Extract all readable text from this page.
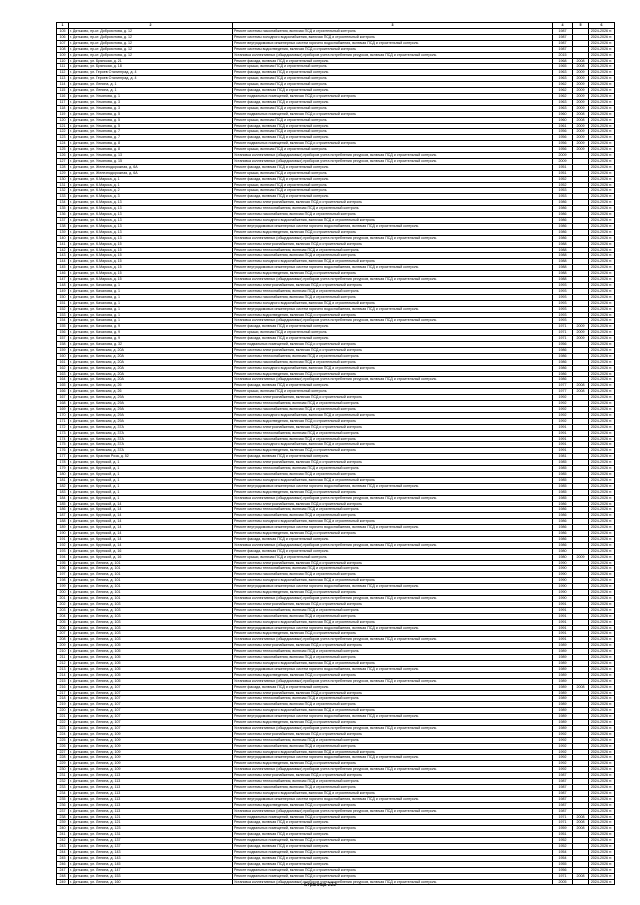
1	2	3	4	5	6
105	г. Дятьково, пр-кт. Доброхотова, д. 12	Ремонт системы газоснабжения, включая ПСД и строительный контроль	1987		2024-2026 гг.
106	г. Дятьково, пр-кт. Доброхотова, д. 12	Ремонт системы холодного водоснабжения, включая ПСД и строительный контроль	1987		2024-2026 гг.
107	г. Дятьково, пр-кт. Доброхотова, д. 12	Ремонт внутридомовых инженерных систем горячего водоснабжения, включая ПСД и строительный контроль	1987		2024-2026 гг.
108	г. Дятьково, пр-кт. Доброхотова, д. 12	Ремонт системы водоотведения, включая ПСД и строительный контроль	1987		2024-2026 гг.
109	г. Дятьково, пр-кт. Доброхотова, д. 12	Установка коллективных (общедомовых) приборов учета потребления ресурсов, включая ПСД и строительный контроль	2015		2024-2026 гг.
110	г. Дятьково, ул. Брянская, д. 21	Ремонт фасада, включая ПСД и строительный контроль	1968	2008	2024-2026 гг.
111	г. Дятьково, ул. Брянская, д. 18	Ремонт крыши, включая ПСД и строительный контроль	1965	2008	2024-2026 гг.
112	г. Дятьково, ул. Героев Сталинград, д. 4	Ремонт фасада, включая ПСД и строительный контроль	1963	2009	2024-2026 гг.
113	г. Дятьково, ул. Героев Сталинград, д. 4	Ремонт крыши, включая ПСД и строительный контроль	1963	2009	2024-2026 гг.
114	г. Дятьково, ул. Ленина, д. 1	Ремонт крыши, включая ПСД и строительный контроль	1962	2009	2024-2026 гг.
115	г. Дятьково, ул. Ленина, д. 1	Ремонт фасада, включая ПСД и строительный контроль	1962	2009	2024-2026 гг.
116	г. Дятьково, ул. Ульянова, д. 1	Ремонт подвальных помещений, включая ПСД и строительный контроль	1962	2009	2024-2026 гг.
117	г. Дятьково, ул. Ульянова, д. 3	Ремонт фасада, включая ПСД и строительный контроль	1963	2009	2024-2026 гг.
118	г. Дятьково, ул. Ульянова, д. 3	Ремонт крыши, включая ПСД и строительный контроль	1963	2009	2024-2026 гг.
119	г. Дятьково, ул. Ульянова, д. 5	Ремонт подвальных помещений, включая ПСД и строительный контроль	1960	2008	2024-2026 гг.
120	г. Дятьково, ул. Ульянова, д. 5	Ремонт крыши, включая ПСД и строительный контроль	1960	2008	2024-2026 гг.
121	г. Дятьково, ул. Ульянова, д. 5	Ремонт фасада, включая ПСД и строительный контроль	1961	2009	2024-2026 гг.
122	г. Дятьково, ул. Ульянова, д. 7	Ремонт крыши, включая ПСД и строительный контроль	1956	2009	2024-2026 гг.
123	г. Дятьково, ул. Ульянова, д. 7	Ремонт фасада, включая ПСД и строительный контроль	1956	2009	2024-2026 гг.
124	г. Дятьково, ул. Ульянова, д. 8	Ремонт подвальных помещений, включая ПСД и строительный контроль	1956	2009	2024-2026 гг.
125	г. Дятьково, ул. Ульянова, д. 8	Ремонт крыши, включая ПСД и строительный контроль	1956	2009	2024-2026 гг.
126	г. Дятьково, ул. Ульянова, д. 13	Установка коллективных (общедомовых) приборов учета потребления ресурсов, включая ПСД и строительный контроль	2009		2024-2026 гг.
127	г. Дятьково, ул. Ульянова, д. 15	Установка коллективных (общедомовых) приборов учета потребления ресурсов, включая ПСД и строительный контроль	2009		2024-2026 гг.
128	г. Дятьково, ул. Железнодорожная, д. 6А	Ремонт фасада, включая ПСД и строительный контроль	1951		2024-2026 гг.
129	г. Дятьково, ул. Железнодорожная, д. 6А	Ремонт крыши, включая ПСД и строительный контроль	1951		2024-2026 гг.
130	г. Дятьково, ул. К.Маркса, д. 1	Ремонт фасада, включая ПСД и строительный контроль	1952		2024-2026 гг.
131	г. Дятьково, ул. К.Маркса, д. 1	Ремонт крыши, включая ПСД и строительный контроль	1952		2024-2026 гг.
132	г. Дятьково, ул. К.Маркса, д. 2	Ремонт крыши, включая ПСД и строительный контроль	1953		2024-2026 гг.
133	г. Дятьково, ул. К.Маркса, д. 3	Ремонт фасада, включая ПСД и строительный контроль	1953		2024-2026 гг.
134	г. Дятьково, ул. К.Маркса, д. 13	Ремонт системы электроснабжения, включая ПСД и строительный контроль	1986		2024-2026 гг.
135	г. Дятьково, ул. К.Маркса, д. 13	Ремонт системы теплоснабжения, включая ПСД и строительный контроль	1986		2024-2026 гг.
136	г. Дятьково, ул. К.Маркса, д. 13	Ремонт системы газоснабжения, включая ПСД и строительный контроль	1986		2024-2026 гг.
137	г. Дятьково, ул. К.Маркса, д. 13	Ремонт системы холодного водоснабжения, включая ПСД и строительный контроль	1986		2024-2026 гг.
138	г. Дятьково, ул. К.Маркса, д. 13	Ремонт внутридомовых инженерных систем горячего водоснабжения, включая ПСД и строительный контроль	1986		2024-2026 гг.
139	г. Дятьково, ул. К.Маркса, д. 13	Ремонт системы водоотведения, включая ПСД и строительный контроль	1986		2024-2026 гг.
140	г. Дятьково, ул. К.Маркса, д. 13	Установка коллективных (общедомовых) приборов учета потребления ресурсов, включая ПСД и строительный контроль	1986		2024-2026 гг.
141	г. Дятьково, ул. К.Маркса, д. 15	Ремонт системы электроснабжения, включая ПСД и строительный контроль	1988		2024-2026 гг.
142	г. Дятьково, ул. К.Маркса, д. 15	Ремонт системы теплоснабжения, включая ПСД и строительный контроль	1988		2024-2026 гг.
143	г. Дятьково, ул. К.Маркса, д. 15	Ремонт системы газоснабжения, включая ПСД и строительный контроль	1988		2024-2026 гг.
144	г. Дятьково, ул. К.Маркса, д. 15	Ремонт системы холодного водоснабжения, включая ПСД и строительный контроль	1988		2024-2026 гг.
145	г. Дятьково, ул. К.Маркса, д. 15	Ремонт внутридомовых инженерных систем горячего водоснабжения, включая ПСД и строительный контроль	1988		2024-2026 гг.
146	г. Дятьково, ул. К.Маркса, д. 15	Ремонт системы водоотведения, включая ПСД и строительный контроль	1988		2024-2026 гг.
147	г. Дятьково, ул. К.Маркса, д. 15	Установка коллективных (общедомовых) приборов учета потребления ресурсов, включая ПСД и строительный контроль	1988		2024-2026 гг.
148	г. Дятьково, ул. Качалова, д. 1	Ремонт системы электроснабжения, включая ПСД и строительный контроль	1993		2024-2026 гг.
149	г. Дятьково, ул. Качалова, д. 1	Ремонт системы теплоснабжения, включая ПСД и строительный контроль	1993		2024-2026 гг.
150	г. Дятьково, ул. Качалова, д. 1	Ремонт системы газоснабжения, включая ПСД и строительный контроль	1993		2024-2026 гг.
151	г. Дятьково, ул. Качалова, д. 1	Ремонт системы холодного водоснабжения, включая ПСД и строительный контроль	1993		2024-2026 гг.
152	г. Дятьково, ул. Качалова, д. 1	Ремонт внутридомовых инженерных систем горячего водоснабжения, включая ПСД и строительный контроль	1993		2024-2026 гг.
153	г. Дятьково, ул. Качалова, д. 1	Ремонт системы водоотведения, включая ПСД и строительный контроль	1993		2024-2026 гг.
154	г. Дятьково, ул. Качалова, д. 1	Установка коллективных (общедомовых) приборов учета потребления ресурсов, включая ПСД и строительный контроль	1993		2024-2026 гг.
155	г. Дятьково, ул. Качалова, д. 9	Ремонт фасада, включая ПСД и строительный контроль	1971	2009	2024-2026 гг.
156	г. Дятьково, ул. Качалова, д. 9	Ремонт крыши, включая ПСД и строительный контроль	1971	2009	2024-2026 гг.
157	г. Дятьково, ул. Качалова, д. 9	Ремонт фасада, включая ПСД и строительный контроль	1971	2009	2024-2026 гг.
158	г. Дятьково, ул. Качалова, д. 32	Ремонт подвальных помещений, включая ПСД и строительный контроль	1956		2024-2026 гг.
159	г. Дятьково, ул. Киевская, д. 20А	Ремонт системы электроснабжения, включая ПСД и строительный контроль	1986		2024-2026 гг.
160	г. Дятьково, ул. Киевская, д. 20А	Ремонт системы теплоснабжения, включая ПСД и строительный контроль	1986		2024-2026 гг.
161	г. Дятьково, ул. Киевская, д. 20А	Ремонт системы газоснабжения, включая ПСД и строительный контроль	1986		2024-2026 гг.
162	г. Дятьково, ул. Киевская, д. 20А	Ремонт системы холодного водоснабжения, включая ПСД и строительный контроль	1986		2024-2026 гг.
163	г. Дятьково, ул. Киевская, д. 20А	Ремонт системы водоотведения, включая ПСД и строительный контроль	1986		2024-2026 гг.
164	г. Дятьково, ул. Киевская, д. 20А	Установка коллективных (общедомовых) приборов учета потребления ресурсов, включая ПСД и строительный контроль	1986		2024-2026 гг.
165	г. Дятьково, ул. Киевская, д. 26	Ремонт фасада, включая ПСД и строительный контроль	1977	2008	2024-2026 гг.
166	г. Дятьково, ул. Киевская, д. 26	Ремонт крыши, включая ПСД и строительный контроль	1977	2008	2024-2026 гг.
167	г. Дятьково, ул. Киевская, д. 29А	Ремонт системы электроснабжения, включая ПСД и строительный контроль	1992		2024-2026 гг.
168	г. Дятьково, ул. Киевская, д. 29А	Ремонт системы теплоснабжения, включая ПСД и строительный контроль	1992		2024-2026 гг.
169	г. Дятьково, ул. Киевская, д. 29А	Ремонт системы газоснабжения, включая ПСД и строительный контроль	1992		2024-2026 гг.
170	г. Дятьково, ул. Киевская, д. 29А	Ремонт системы холодного водоснабжения, включая ПСД и строительный контроль	1992		2024-2026 гг.
171	г. Дятьково, ул. Киевская, д. 29А	Ремонт системы водоотведения, включая ПСД и строительный контроль	1992		2024-2026 гг.
172	г. Дятьково, ул. Киевская, д. 37А	Ремонт системы электроснабжения, включая ПСД и строительный контроль	1991		2024-2026 гг.
173	г. Дятьково, ул. Киевская, д. 37А	Ремонт системы теплоснабжения, включая ПСД и строительный контроль	1991		2024-2026 гг.
174	г. Дятьково, ул. Киевская, д. 37А	Ремонт системы газоснабжения, включая ПСД и строительный контроль	1991		2024-2026 гг.
175	г. Дятьково, ул. Киевская, д. 37А	Ремонт системы холодного водоснабжения, включая ПСД и строительный контроль	1991		2024-2026 гг.
176	г. Дятьково, ул. Киевская, д. 37А	Ремонт системы водоотведения, включая ПСД и строительный контроль	1991		2024-2026 гг.
177	г. Дятьково, ул. Красная Роза, д. 52	Ремонт фасада, включая ПСД и строительный контроль	1981		2024-2026 гг.
178	г. Дятьково, ул. Крупской, д. 1	Ремонт системы электроснабжения, включая ПСД и строительный контроль	1985		2024-2026 гг.
179	г. Дятьково, ул. Крупской, д. 1	Ремонт системы теплоснабжения, включая ПСД и строительный контроль	1985		2024-2026 гг.
180	г. Дятьково, ул. Крупской, д. 1	Ремонт системы газоснабжения, включая ПСД и строительный контроль	1985		2024-2026 гг.
181	г. Дятьково, ул. Крупской, д. 1	Ремонт системы холодного водоснабжения, включая ПСД и строительный контроль	1985		2024-2026 гг.
182	г. Дятьково, ул. Крупской, д. 1	Ремонт внутридомовых инженерных систем горячего водоснабжения, включая ПСД и строительный контроль	1985		2024-2026 гг.
183	г. Дятьково, ул. Крупской, д. 1	Ремонт системы водоотведения, включая ПСД и строительный контроль	1985		2024-2026 гг.
184	г. Дятьково, ул. Крупской, д. 1	Установка коллективных (общедомовых) приборов учета потребления ресурсов, включая ПСД и строительный контроль	1985		2024-2026 гг.
185	г. Дятьково, ул. Крупской, д. 14	Ремонт системы электроснабжения, включая ПСД и строительный контроль	1986		2024-2026 гг.
186	г. Дятьково, ул. Крупской, д. 14	Ремонт системы теплоснабжения, включая ПСД и строительный контроль	1986		2024-2026 гг.
187	г. Дятьково, ул. Крупской, д. 14	Ремонт системы газоснабжения, включая ПСД и строительный контроль	1986		2024-2026 гг.
188	г. Дятьково, ул. Крупской, д. 14	Ремонт системы холодного водоснабжения, включая ПСД и строительный контроль	1986		2024-2026 гг.
189	г. Дятьково, ул. Крупской, д. 14	Ремонт внутридомовых инженерных систем горячего водоснабжения, включая ПСД и строительный контроль	1986		2024-2026 гг.
190	г. Дятьково, ул. Крупской, д. 14	Ремонт системы водоотведения, включая ПСД и строительный контроль	1986		2024-2026 гг.
191	г. Дятьково, ул. Крупской, д. 14	Ремонт фасада, включая ПСД и строительный контроль	1986		2024-2026 гг.
192	г. Дятьково, ул. Крупской, д. 14	Установка коллективных (общедомовых) приборов учета потребления ресурсов, включая ПСД и строительный контроль	1986		2024-2026 гг.
193	г. Дятьково, ул. Крупской, д. 16	Ремонт фасада, включая ПСД и строительный контроль	1980		2024-2026 гг.
194	г. Дятьково, ул. Крупской, д. 16	Ремонт крыши, включая ПСД и строительный контроль	1980	2009	2024-2026 гг.
195	г. Дятьково, ул. Ленина, д. 101	Ремонт системы электроснабжения, включая ПСД и строительный контроль	1990		2024-2026 гг.
196	г. Дятьково, ул. Ленина, д. 101	Ремонт системы теплоснабжения, включая ПСД и строительный контроль	1990		2024-2026 гг.
197	г. Дятьково, ул. Ленина, д. 101	Ремонт системы газоснабжения, включая ПСД и строительный контроль	1990		2024-2026 гг.
198	г. Дятьково, ул. Ленина, д. 101	Ремонт системы холодного водоснабжения, включая ПСД и строительный контроль	1990		2024-2026 гг.
199	г. Дятьково, ул. Ленина, д. 101	Ремонт внутридомовых инженерных систем горячего водоснабжения, включая ПСД и строительный контроль	1990		2024-2026 гг.
200	г. Дятьково, ул. Ленина, д. 101	Ремонт системы водоотведения, включая ПСД и строительный контроль	1990		2024-2026 гг.
201	г. Дятьково, ул. Ленина, д. 101	Установка коллективных (общедомовых) приборов учета потребления ресурсов, включая ПСД и строительный контроль	1990		2024-2026 гг.
202	г. Дятьково, ул. Ленина, д. 103	Ремонт системы электроснабжения, включая ПСД и строительный контроль	1991		2024-2026 гг.
203	г. Дятьково, ул. Ленина, д. 103	Ремонт системы теплоснабжения, включая ПСД и строительный контроль	1991		2024-2026 гг.
204	г. Дятьково, ул. Ленина, д. 103	Ремонт системы газоснабжения, включая ПСД и строительный контроль	1991		2024-2026 гг.
205	г. Дятьково, ул. Ленина, д. 103	Ремонт системы холодного водоснабжения, включая ПСД и строительный контроль	1991		2024-2026 гг.
206	г. Дятьково, ул. Ленина, д. 103	Ремонт внутридомовых инженерных систем горячего водоснабжения, включая ПСД и строительный контроль	1991		2024-2026 гг.
207	г. Дятьково, ул. Ленина, д. 103	Ремонт системы водоотведения, включая ПСД и строительный контроль	1991		2024-2026 гг.
208	г. Дятьково, ул. Ленина, д. 103	Установка коллективных (общедомовых) приборов учета потребления ресурсов, включая ПСД и строительный контроль	1991		2024-2026 гг.
209	г. Дятьково, ул. Ленина, д. 105	Ремонт системы электроснабжения, включая ПСД и строительный контроль	1989		2024-2026 гг.
210	г. Дятьково, ул. Ленина, д. 105	Ремонт системы теплоснабжения, включая ПСД и строительный контроль	1989		2024-2026 гг.
211	г. Дятьково, ул. Ленина, д. 105	Ремонт системы газоснабжения, включая ПСД и строительный контроль	1989		2024-2026 гг.
212	г. Дятьково, ул. Ленина, д. 105	Ремонт системы холодного водоснабжения, включая ПСД и строительный контроль	1989		2024-2026 гг.
213	г. Дятьково, ул. Ленина, д. 105	Ремонт внутридомовых инженерных систем горячего водоснабжения, включая ПСД и строительный контроль	1989		2024-2026 гг.
214	г. Дятьково, ул. Ленина, д. 105	Ремонт системы водоотведения, включая ПСД и строительный контроль	1989		2024-2026 гг.
215	г. Дятьково, ул. Ленина, д. 105	Установка коллективных (общедомовых) приборов учета потребления ресурсов, включая ПСД и строительный контроль	1989		2024-2026 гг.
216	г. Дятьково, ул. Ленина, д. 107	Ремонт фасада, включая ПСД и строительный контроль	1989	2008	2024-2026 гг.
217	г. Дятьково, ул. Ленина, д. 107	Ремонт системы электроснабжения, включая ПСД и строительный контроль	1989		2024-2026 гг.
218	г. Дятьково, ул. Ленина, д. 107	Ремонт системы теплоснабжения, включая ПСД и строительный контроль	1989		2024-2026 гг.
219	г. Дятьково, ул. Ленина, д. 107	Ремонт системы газоснабжения, включая ПСД и строительный контроль	1989		2024-2026 гг.
220	г. Дятьково, ул. Ленина, д. 107	Ремонт системы холодного водоснабжения, включая ПСД и строительный контроль	1989		2024-2026 гг.
221	г. Дятьково, ул. Ленина, д. 107	Ремонт внутридомовых инженерных систем горячего водоснабжения, включая ПСД и строительный контроль	1989		2024-2026 гг.
222	г. Дятьково, ул. Ленина, д. 107	Ремонт системы водоотведения, включая ПСД и строительный контроль	1989		2024-2026 гг.
223	г. Дятьково, ул. Ленина, д. 107	Установка коллективных (общедомовых) приборов учета потребления ресурсов, включая ПСД и строительный контроль	1989		2024-2026 гг.
224	г. Дятьково, ул. Ленина, д. 109	Ремонт системы электроснабжения, включая ПСД и строительный контроль	1992		2024-2026 гг.
225	г. Дятьково, ул. Ленина, д. 109	Ремонт системы теплоснабжения, включая ПСД и строительный контроль	1992		2024-2026 гг.
226	г. Дятьково, ул. Ленина, д. 109	Ремонт системы газоснабжения, включая ПСД и строительный контроль	1992		2024-2026 гг.
227	г. Дятьково, ул. Ленина, д. 109	Ремонт системы холодного водоснабжения, включая ПСД и строительный контроль	1992		2024-2026 гг.
228	г. Дятьково, ул. Ленина, д. 109	Ремонт внутридомовых инженерных систем горячего водоснабжения, включая ПСД и строительный контроль	1992		2024-2026 гг.
229	г. Дятьково, ул. Ленина, д. 109	Ремонт системы водоотведения, включая ПСД и строительный контроль	1992		2024-2026 гг.
230	г. Дятьково, ул. Ленина, д. 109	Установка коллективных (общедомовых) приборов учета потребления ресурсов, включая ПСД и строительный контроль	1992		2024-2026 гг.
231	г. Дятьково, ул. Ленина, д. 113	Ремонт системы электроснабжения, включая ПСД и строительный контроль	1987		2024-2026 гг.
232	г. Дятьково, ул. Ленина, д. 113	Ремонт системы теплоснабжения, включая ПСД и строительный контроль	1987		2024-2026 гг.
233	г. Дятьково, ул. Ленина, д. 113	Ремонт системы газоснабжения, включая ПСД и строительный контроль	1987		2024-2026 гг.
234	г. Дятьково, ул. Ленина, д. 113	Ремонт системы холодного водоснабжения, включая ПСД и строительный контроль	1987		2024-2026 гг.
235	г. Дятьково, ул. Ленина, д. 113	Ремонт внутридомовых инженерных систем горячего водоснабжения, включая ПСД и строительный контроль	1987		2024-2026 гг.
236	г. Дятьково, ул. Ленина, д. 113	Ремонт системы водоотведения, включая ПСД и строительный контроль	1987		2024-2026 гг.
237	г. Дятьково, ул. Ленина, д. 113	Установка коллективных (общедомовых) приборов учета потребления ресурсов, включая ПСД и строительный контроль	1987		2024-2026 гг.
238	г. Дятьково, ул. Ленина, д. 121	Ремонт подвальных помещений, включая ПСД и строительный контроль	1971	2008	2024-2026 гг.
239	г. Дятьково, ул. Ленина, д. 121	Ремонт фасада, включая ПСД и строительный контроль	1971	2008	2024-2026 гг.
240	г. Дятьково, ул. Ленина, д. 123	Ремонт подвальных помещений, включая ПСД и строительный контроль	1959	2008	2024-2026 гг.
241	г. Дятьково, ул. Ленина, д. 131	Ремонт фасада, включая ПСД и строительный контроль	1951		2024-2026 гг.
242	г. Дятьково, ул. Ленина, д. 137	Ремонт подвальных помещений, включая ПСД и строительный контроль	1952		2024-2026 гг.
243	г. Дятьково, ул. Ленина, д. 137	Ремонт фасада, включая ПСД и строительный контроль	1952		2024-2026 гг.
244	г. Дятьково, ул. Ленина, д. 143	Ремонт подвальных помещений, включая ПСД и строительный контроль	1954		2024-2026 гг.
245	г. Дятьково, ул. Ленина, д. 143	Ремонт фасада, включая ПСД и строительный контроль	1954		2024-2026 гг.
246	г. Дятьково, ул. Ленина, д. 145	Ремонт фасада, включая ПСД и строительный контроль	1955		2024-2026 гг.
247	г. Дятьково, ул. Ленина, д. 147	Ремонт подвальных помещений, включая ПСД и строительный контроль	1956		2024-2026 гг.
248	г. Дятьково, ул. Ленина, д. 153	Ремонт подвальных помещений, включая ПСД и строительный контроль	1971	2008	2024-2026 гг.
249	г. Дятьково, ул. Ленина, д. 160	Установка коллективных (общедомовых) приборов учета потребления ресурсов, включая ПСД и строительный контроль	2005		2024-2026 гг.
Страница 222
